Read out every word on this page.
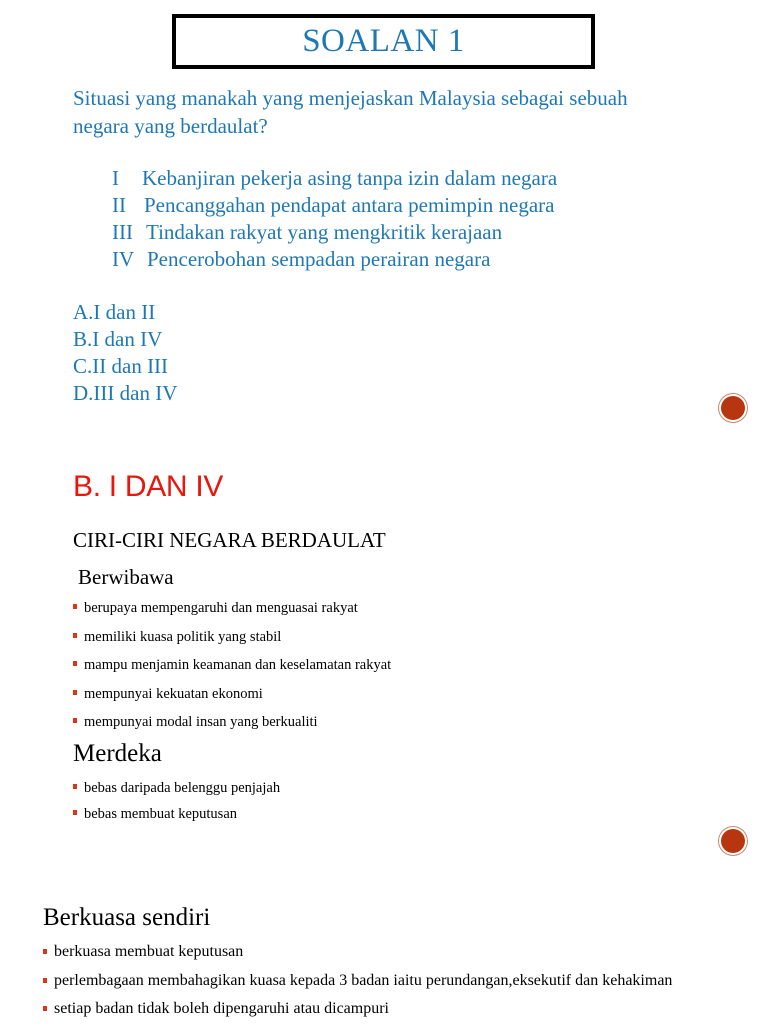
SOALAN 1
Situasi yang manakah yang menjejaskan Malaysia sebagai sebuah
negara yang berdaulat?
I Kebanjiran pekerja asing tanpa izin dalam negara
II Pencanggahan pendapat antara pemimpin negara
III Tindakan rakyat yang mengkritik kerajaan
IV Pencerobohan sempadan perairan negara
A.I dan II
B.I dan IV
C.II dan III
D.III dan IV
B. I DAN IV
CIRI-CIRI NEGARA BERDAULAT
Berwibawa
berupaya mempengaruhi dan menguasai rakyat
memiliki kuasa politik yang stabil
mampu menjamin keamanan dan keselamatan rakyat
mempunyai kekuatan ekonomi
mempunyai modal insan yang berkualiti
Merdeka
bebas daripada belenggu penjajah
bebas membuat keputusan
Berkuasa sendiri
berkuasa membuat keputusan
perlembagaan membahagikan kuasa kepada 3 badan iaitu perundangan,eksekutif dan kehakiman
setiap badan tidak boleh dipengaruhi atau dicampuri
